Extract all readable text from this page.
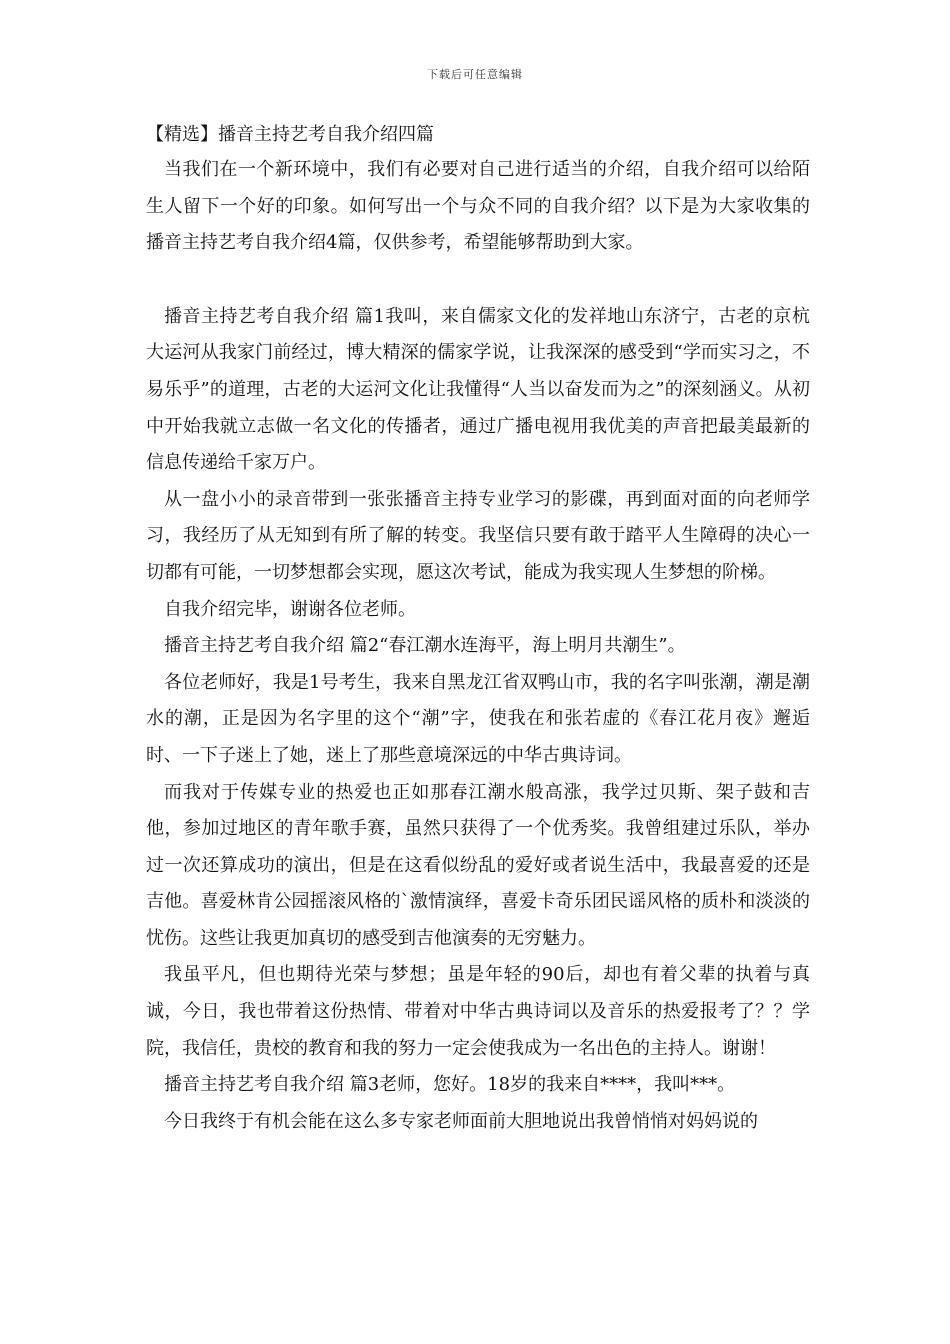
下载后可任意编辑
【精选】播音主持艺考自我介绍四篇

当我们在一个新环境中，我们有必要对自己进行适当的介绍，自我介绍可以给陌生人留下一个好的印象。如何写出一个与众不同的自我介绍？以下是为大家收集的播音主持艺考自我介绍4篇，仅供参考，希望能够帮助到大家。

播音主持艺考自我介绍 篇1我叫，来自儒家文化的发祥地山东济宁，古老的京杭大运河从我家门前经过，博大精深的儒家学说，让我深深的感受到“学而实习之，不易乐乎”的道理，古老的大运河文化让我懂得“人当以奋发而为之”的深刻涵义。从初中开始我就立志做一名文化的传播者，通过广播电视用我优美的声音把最美最新的信息传递给千家万户。

从一盘小小的录音带到一张张播音主持专业学习的影碟，再到面对面的向老师学习，我经历了从无知到有所了解的转变。我坚信只要有敢于踏平人生障碍的决心一切都有可能，一切梦想都会实现，愿这次考试，能成为我实现人生梦想的阶梯。

自我介绍完毕，谢谢各位老师。

播音主持艺考自我介绍 篇2“春江潮水连海平，海上明月共潮生”。

各位老师好，我是1号考生，我来自黑龙江省双鸭山市，我的名字叫张潮，潮是潮水的潮，正是因为名字里的这个“潮”字，使我在和张若虚的《春江花月夜》邂逅时、一下子迷上了她，迷上了那些意境深远的中华古典诗词。

而我对于传媒专业的热爱也正如那春江潮水般高涨，我学过贝斯、架子鼓和吉他，参加过地区的青年歌手赛，虽然只获得了一个优秀奖。我曾组建过乐队，举办过一次还算成功的演出，但是在这看似纷乱的爱好或者说生活中，我最喜爱的还是吉他。喜爱林肯公园摇滚风格的`激情演绎，喜爱卡奇乐团民谣风格的质朴和淡淡的忧伤。这些让我更加真切的感受到吉他演奏的无穷魅力。

我虽平凡，但也期待光荣与梦想；虽是年轻的90后，却也有着父辈的执着与真诚，今日，我也带着这份热情、带着对中华古典诗词以及音乐的热爱报考了？？学院，我信任，贵校的教育和我的努力一定会使我成为一名出色的主持人。谢谢！

播音主持艺考自我介绍 篇3老师，您好。18岁的我来自****，我叫***。

今日我终于有机会能在这么多专家老师面前大胆地说出我曾悄悄对妈妈说的
